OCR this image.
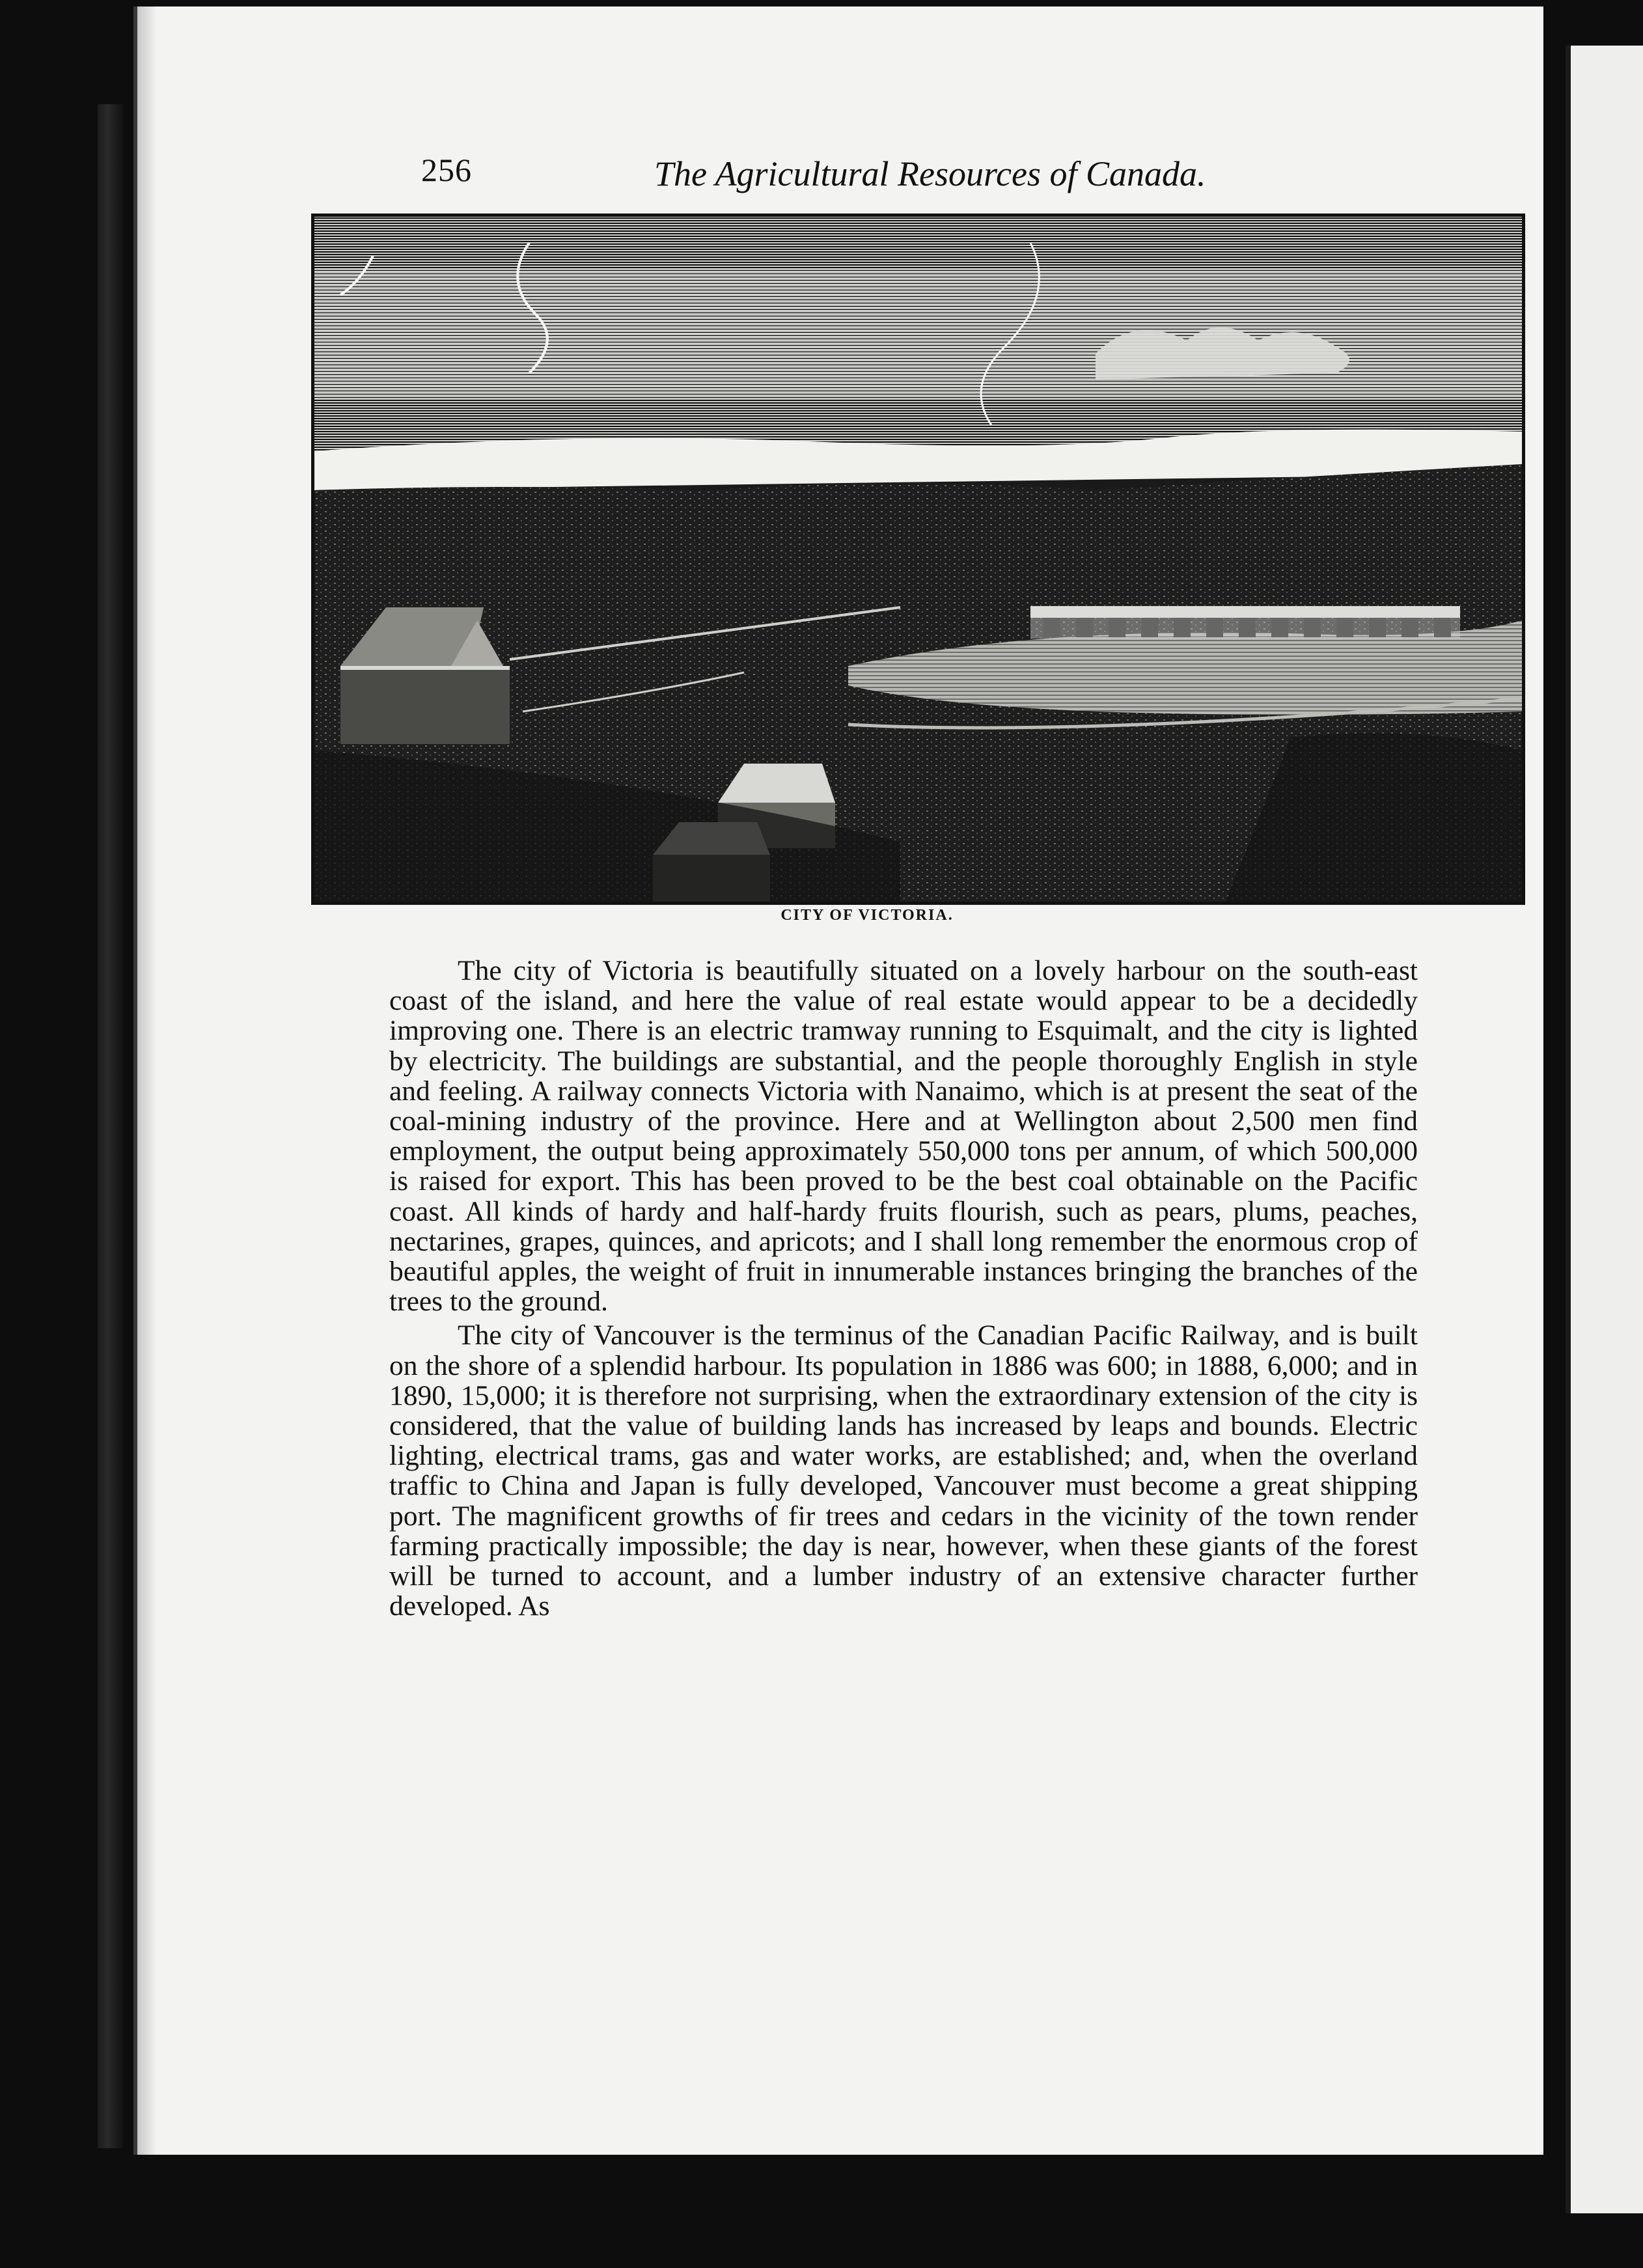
256	The Agricultural Resources of Canada.
CITY OF VICTORIA.

The city of Victoria is beautifully situated on a lovely harbour on the south-east coast of the island, and here the value of real estate would appear to be a decidedly improving one. There is an electric tramway running to Esquimalt, and the city is lighted by electricity. The buildings are substantial, and the people thoroughly English in style and feeling. A railway connects Victoria with Nanaimo, which is at present the seat of the coal-mining industry of the province. Here and at Wellington about 2,500 men find employment, the output being approximately 550,000 tons per annum, of which 500,000 is raised for export. This has been proved to be the best coal obtainable on the Pacific coast. All kinds of hardy and half-hardy fruits flourish, such as pears, plums, peaches, nectarines, grapes, quinces, and apricots; and I shall long remember the enormous crop of beautiful apples, the weight of fruit in innumerable instances bringing the branches of the trees to the ground.

The city of Vancouver is the terminus of the Canadian Pacific Railway, and is built on the shore of a splendid harbour. Its population in 1886 was 600; in 1888, 6,000; and in 1890, 15,000; it is therefore not surprising, when the extraordinary extension of the city is considered, that the value of building lands has increased by leaps and bounds. Electric lighting, electrical trams, gas and water works, are established; and, when the overland traffic to China and Japan is fully developed, Vancouver must become a great shipping port. The magnificent growths of fir trees and cedars in the vicinity of the town render farming practically impossible; the day is near, however, when these giants of the forest will be turned to account, and a lumber industry of an extensive character further developed. As
